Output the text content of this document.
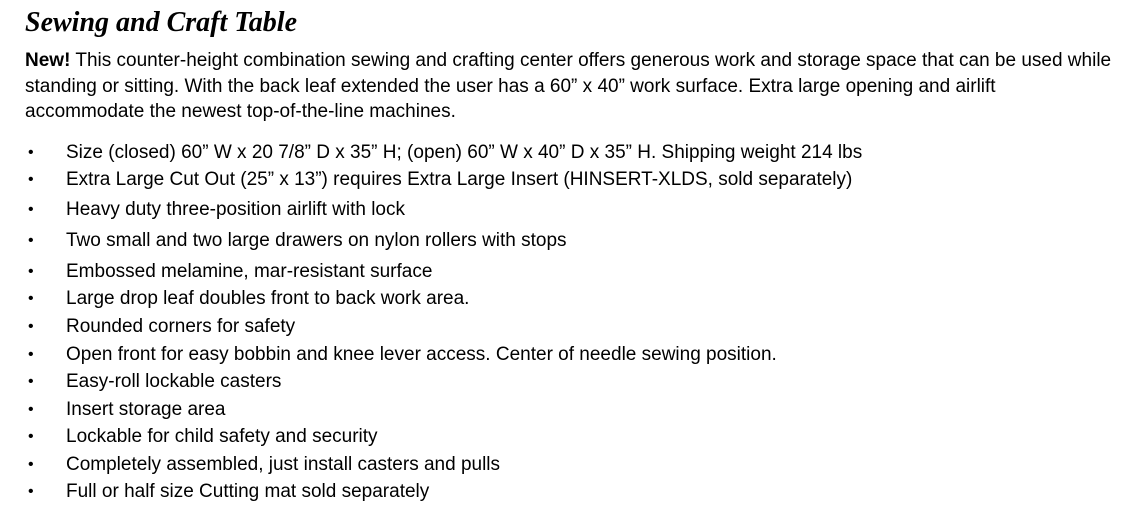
Sewing and Craft Table

New! This counter-height combination sewing and crafting center offers generous work and storage space that can be used while standing or sitting. With the back leaf extended the user has a 60” x 40” work surface. Extra large opening and airlift accommodate the newest top-of-the-line machines.

• Size (closed) 60” W x 20 7/8” D x 35” H; (open) 60” W x 40” D x 35” H. Shipping weight 214 lbs
• Extra Large Cut Out (25” x 13”) requires Extra Large Insert (HINSERT-XLDS, sold separately)
• Heavy duty three-position airlift with lock
• Two small and two large drawers on nylon rollers with stops
• Embossed melamine, mar-resistant surface
• Large drop leaf doubles front to back work area.
• Rounded corners for safety
• Open front for easy bobbin and knee lever access. Center of needle sewing position.
• Easy-roll lockable casters
• Insert storage area
• Lockable for child safety and security
• Completely assembled, just install casters and pulls
• Full or half size Cutting mat sold separately
